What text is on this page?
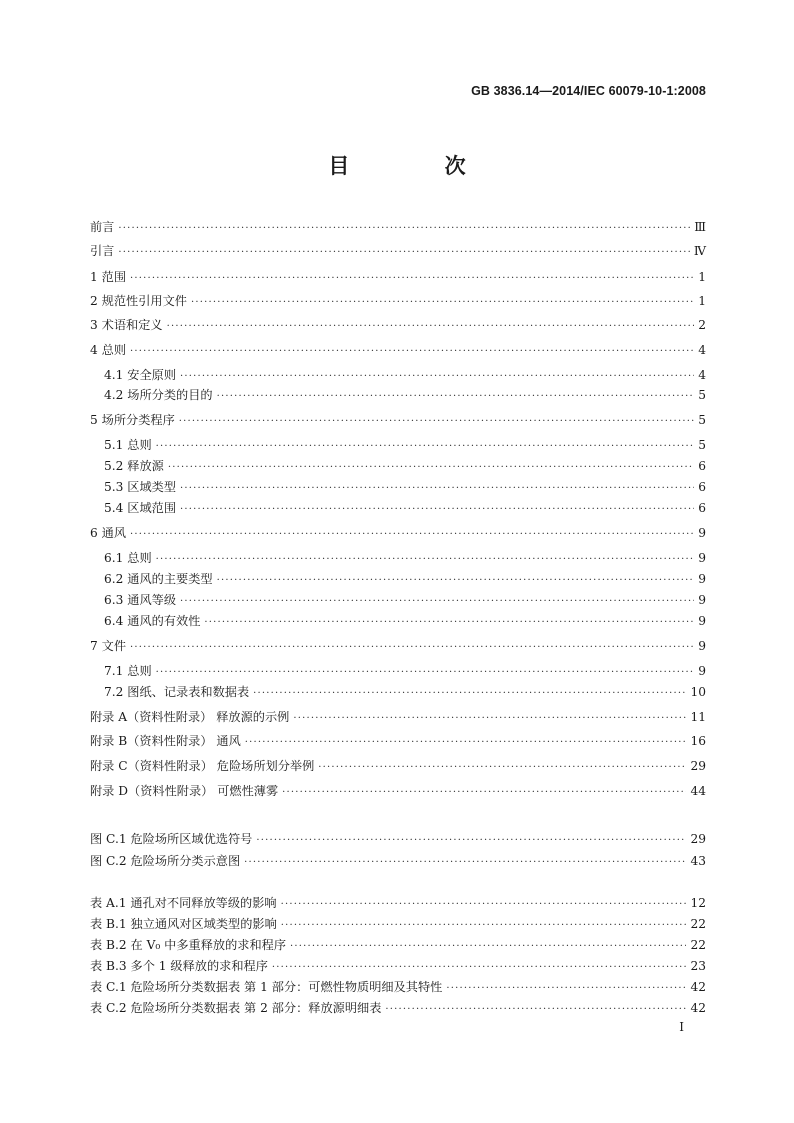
GB 3836.14—2014/IEC 60079-10-1:2008
目 次
前言 ·····	Ⅲ
引言 ·····	Ⅳ
1 范围 ·····	1
2 规范性引用文件 ·····	1
3 术语和定义 ·····	2
4 总则 ·····	4
4.1 安全原则 ·····	4
4.2 场所分类的目的 ·····	5
5 场所分类程序 ·····	5
5.1 总则 ·····	5
5.2 释放源 ·····	6
5.3 区域类型 ·····	6
5.4 区域范围 ·····	6
6 通风 ·····	9
6.1 总则 ·····	9
6.2 通风的主要类型 ·····	9
6.3 通风等级 ·····	9
6.4 通风的有效性 ·····	9
7 文件 ·····	9
7.1 总则 ·····	9
7.2 图纸、记录表和数据表 ·····	10
附录 A（资料性附录） 释放源的示例 ·····	11
附录 B（资料性附录） 通风 ·····	16
附录 C（资料性附录） 危险场所划分举例 ·····	29
附录 D（资料性附录） 可燃性薄雾 ·····	44
图 C.1 危险场所区域优选符号 ·····	29
图 C.2 危险场所分类示意图 ·····	43
表 A.1 通孔对不同释放等级的影响 ·····	12
表 B.1 独立通风对区域类型的影响 ·····	22
表 B.2 在 V₀ 中多重释放的求和程序 ·····	22
表 B.3 多个 1 级释放的求和程序 ·····	23
表 C.1 危险场所分类数据表 第 1 部分：可燃性物质明细及其特性 ·····	42
表 C.2 危险场所分类数据表 第 2 部分：释放源明细表 ·····	42
I
